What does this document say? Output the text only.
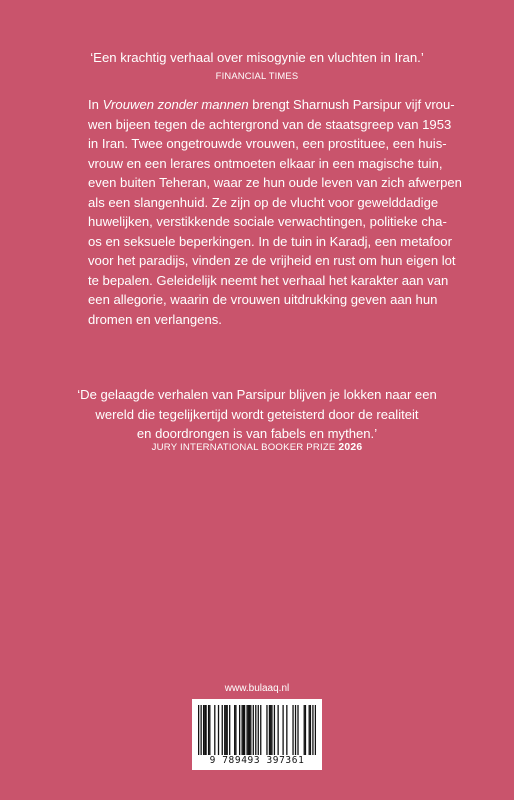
‘Een krachtig verhaal over misogynie en vluchten in Iran.’
FINANCIAL TIMES
In Vrouwen zonder mannen brengt Sharnush Parsipur vijf vrou-
wen bijeen tegen de achtergrond van de staatsgreep van 1953
in Iran. Twee ongetrouwde vrouwen, een prostituee, een huis-
vrouw en een lerares ontmoeten elkaar in een magische tuin,
even buiten Teheran, waar ze hun oude leven van zich afwerpen
als een slangenhuid. Ze zijn op de vlucht voor gewelddadige
huwelijken, verstikkende sociale verwachtingen, politieke cha-
os en seksuele beperkingen. In de tuin in Karadj, een metafoor
voor het paradijs, vinden ze de vrijheid en rust om hun eigen lot
te bepalen. Geleidelijk neemt het verhaal het karakter aan van
een allegorie, waarin de vrouwen uitdrukking geven aan hun
dromen en verlangens.
‘De gelaagde verhalen van Parsipur blijven je lokken naar een
wereld die tegelijkertijd wordt geteisterd door de realiteit
en doordrongen is van fabels en mythen.’
JURY INTERNATIONAL BOOKER PRIZE 2026
www.bulaaq.nl
9 789493 397361
